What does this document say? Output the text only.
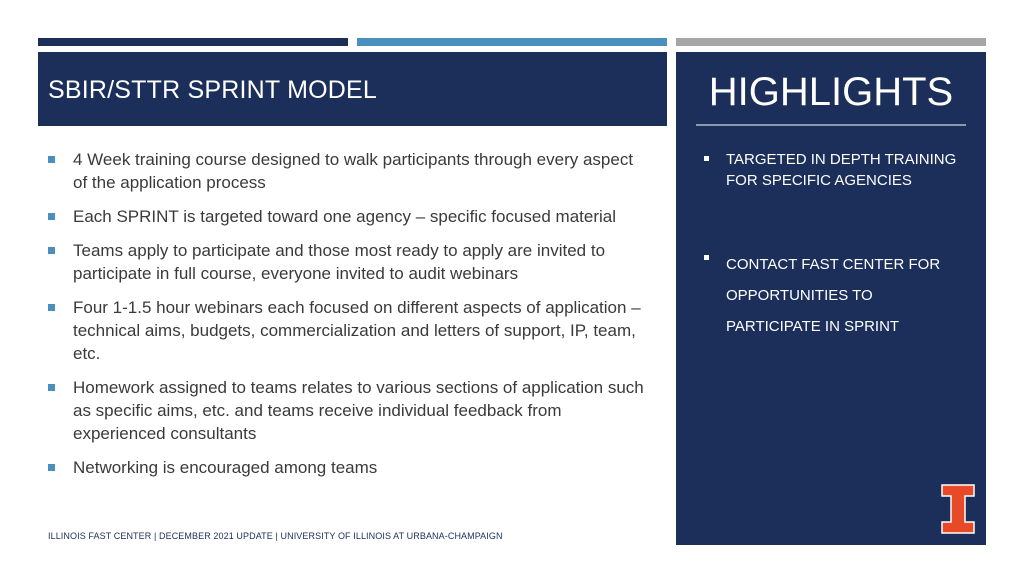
SBIR/STTR SPRINT MODEL
4 Week training course designed to walk participants through every aspect of the application process
Each SPRINT is targeted toward one agency – specific focused material
Teams apply to participate and those most ready to apply are invited to participate in full course, everyone invited to audit webinars
Four 1-1.5 hour webinars each focused on different aspects of application – technical aims, budgets, commercialization and letters of support, IP, team, etc.
Homework assigned to teams relates to various sections of application such as specific aims, etc. and teams receive individual feedback from experienced consultants
Networking is encouraged among teams
HIGHLIGHTS
TARGETED IN DEPTH TRAINING FOR SPECIFIC AGENCIES
CONTACT FAST CENTER FOR OPPORTUNITIES TO PARTICIPATE IN SPRINT
ILLINOIS FAST CENTER | DECEMBER 2021 UPDATE | UNIVERSITY OF ILLINOIS AT URBANA-CHAMPAIGN
